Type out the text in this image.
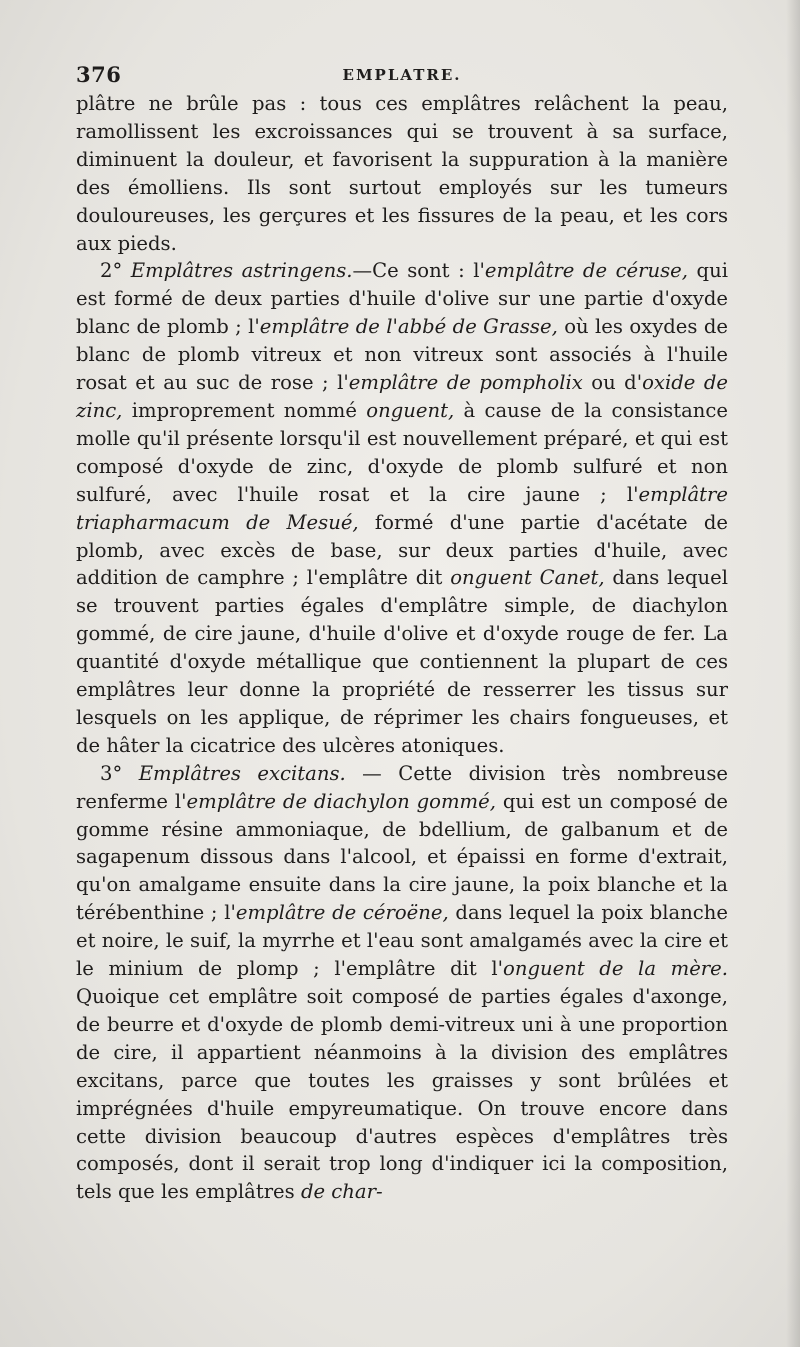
376	EMPLATRE.

plâtre ne brûle pas : tous ces emplâtres relâchent la peau, ramollissent les excroissances qui se trouvent à sa surface, diminuent la douleur, et favorisent la suppuration à la manière des émolliens. Ils sont surtout employés sur les tumeurs douloureuses, les gerçures et les fissures de la peau, et les cors aux pieds.

2° Emplâtres astringens.—Ce sont : l'emplâtre de céruse, qui est formé de deux parties d'huile d'olive sur une partie d'oxyde blanc de plomb ; l'emplâtre de l'abbé de Grasse, où les oxydes de blanc de plomb vitreux et non vitreux sont associés à l'huile rosat et au suc de rose ; l'emplâtre de pompholix ou d'oxide de zinc, improprement nommé onguent, à cause de la consistance molle qu'il présente lorsqu'il est nouvellement préparé, et qui est composé d'oxyde de zinc, d'oxyde de plomb sulfuré et non sulfuré, avec l'huile rosat et la cire jaune ; l'emplâtre triapharmacum de Mesué, formé d'une partie d'acétate de plomb, avec excès de base, sur deux parties d'huile, avec addition de camphre ; l'emplâtre dit onguent Canet, dans lequel se trouvent parties égales d'emplâtre simple, de diachylon gommé, de cire jaune, d'huile d'olive et d'oxyde rouge de fer. La quantité d'oxyde métallique que contiennent la plupart de ces emplâtres leur donne la propriété de resserrer les tissus sur lesquels on les applique, de réprimer les chairs fongueuses, et de hâter la cicatrice des ulcères atoniques.

3° Emplâtres excitans. — Cette division très nombreuse renferme l'emplâtre de diachylon gommé, qui est un composé de gomme résine ammoniaque, de bdellium, de galbanum et de sagapenum dissous dans l'alcool, et épaissi en forme d'extrait, qu'on amalgame ensuite dans la cire jaune, la poix blanche et la térébenthine ; l'emplâtre de céroëne, dans lequel la poix blanche et noire, le suif, la myrrhe et l'eau sont amalgamés avec la cire et le minium de plomp ; l'emplâtre dit l'onguent de la mère. Quoique cet emplâtre soit composé de parties égales d'axonge, de beurre et d'oxyde de plomb demi-vitreux uni à une proportion de cire, il appartient néanmoins à la division des emplâtres excitans, parce que toutes les graisses y sont brûlées et imprégnées d'huile empyreumatique. On trouve encore dans cette division beaucoup d'autres espèces d'emplâtres très composés, dont il serait trop long d'indiquer ici la composition, tels que les emplâtres de char-
